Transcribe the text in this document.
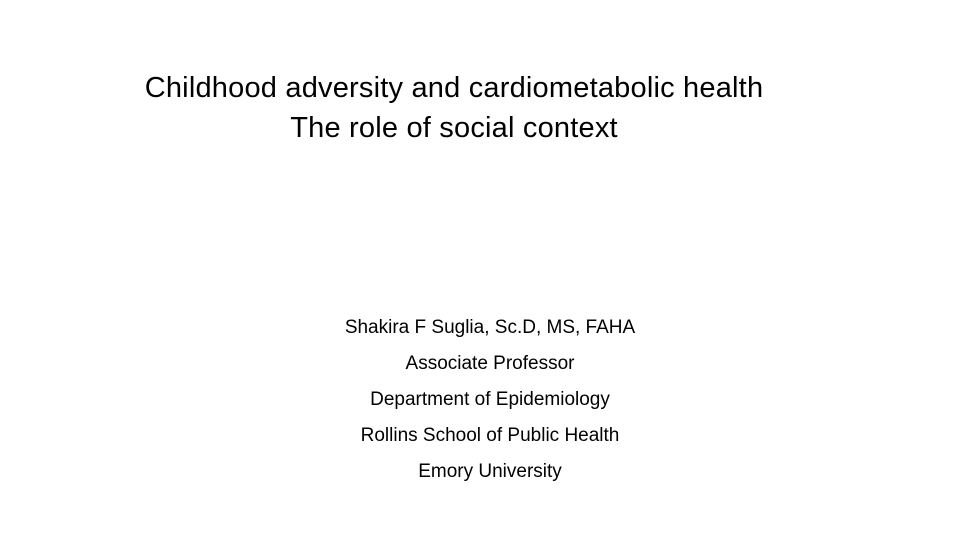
Childhood adversity and cardiometabolic health
The role of social context
Shakira F Suglia, Sc.D, MS, FAHA
Associate Professor
Department of Epidemiology
Rollins School of Public Health
Emory University
